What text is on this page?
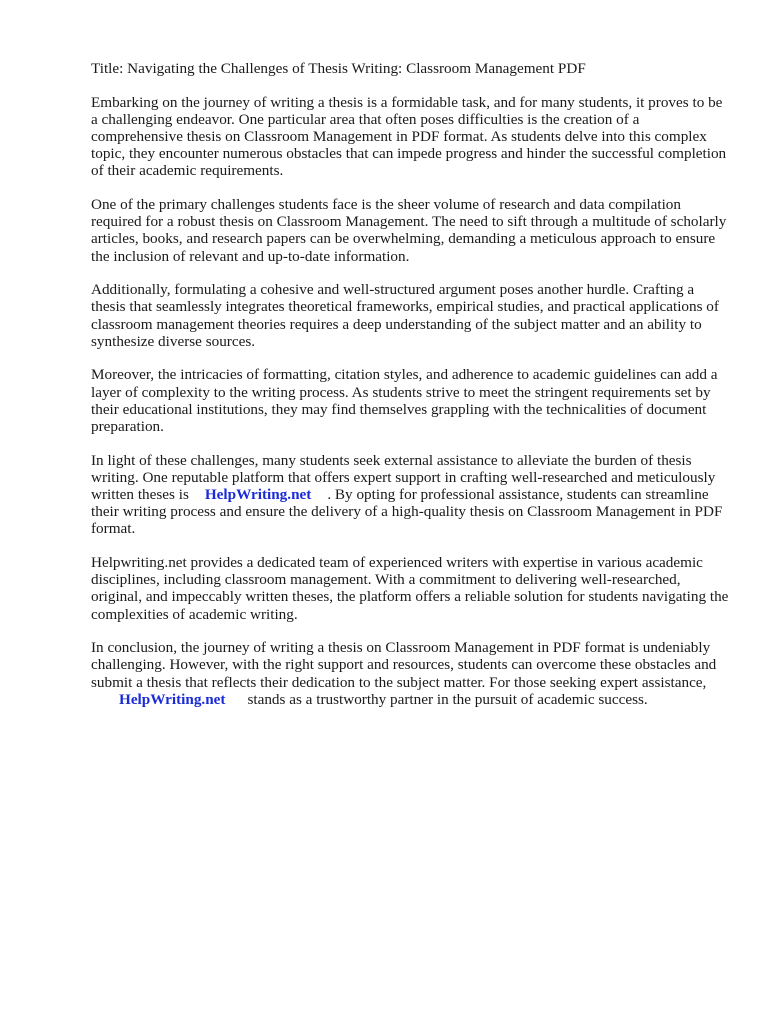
Title: Navigating the Challenges of Thesis Writing: Classroom Management PDF

Embarking on the journey of writing a thesis is a formidable task, and for many students, it proves to be a challenging endeavor. One particular area that often poses difficulties is the creation of a comprehensive thesis on Classroom Management in PDF format. As students delve into this complex topic, they encounter numerous obstacles that can impede progress and hinder the successful completion of their academic requirements.

One of the primary challenges students face is the sheer volume of research and data compilation required for a robust thesis on Classroom Management. The need to sift through a multitude of scholarly articles, books, and research papers can be overwhelming, demanding a meticulous approach to ensure the inclusion of relevant and up-to-date information.

Additionally, formulating a cohesive and well-structured argument poses another hurdle. Crafting a thesis that seamlessly integrates theoretical frameworks, empirical studies, and practical applications of classroom management theories requires a deep understanding of the subject matter and an ability to synthesize diverse sources.

Moreover, the intricacies of formatting, citation styles, and adherence to academic guidelines can add a layer of complexity to the writing process. As students strive to meet the stringent requirements set by their educational institutions, they may find themselves grappling with the technicalities of document preparation.

In light of these challenges, many students seek external assistance to alleviate the burden of thesis writing. One reputable platform that offers expert support in crafting well-researched and meticulously written theses is HelpWriting.net . By opting for professional assistance, students can streamline their writing process and ensure the delivery of a high-quality thesis on Classroom Management in PDF format.

Helpwriting.net provides a dedicated team of experienced writers with expertise in various academic disciplines, including classroom management. With a commitment to delivering well-researched, original, and impeccably written theses, the platform offers a reliable solution for students navigating the complexities of academic writing.

In conclusion, the journey of writing a thesis on Classroom Management in PDF format is undeniably challenging. However, with the right support and resources, students can overcome these obstacles and submit a thesis that reflects their dedication to the subject matter. For those seeking expert assistance,HelpWriting.net stands as a trustworthy partner in the pursuit of academic success.
